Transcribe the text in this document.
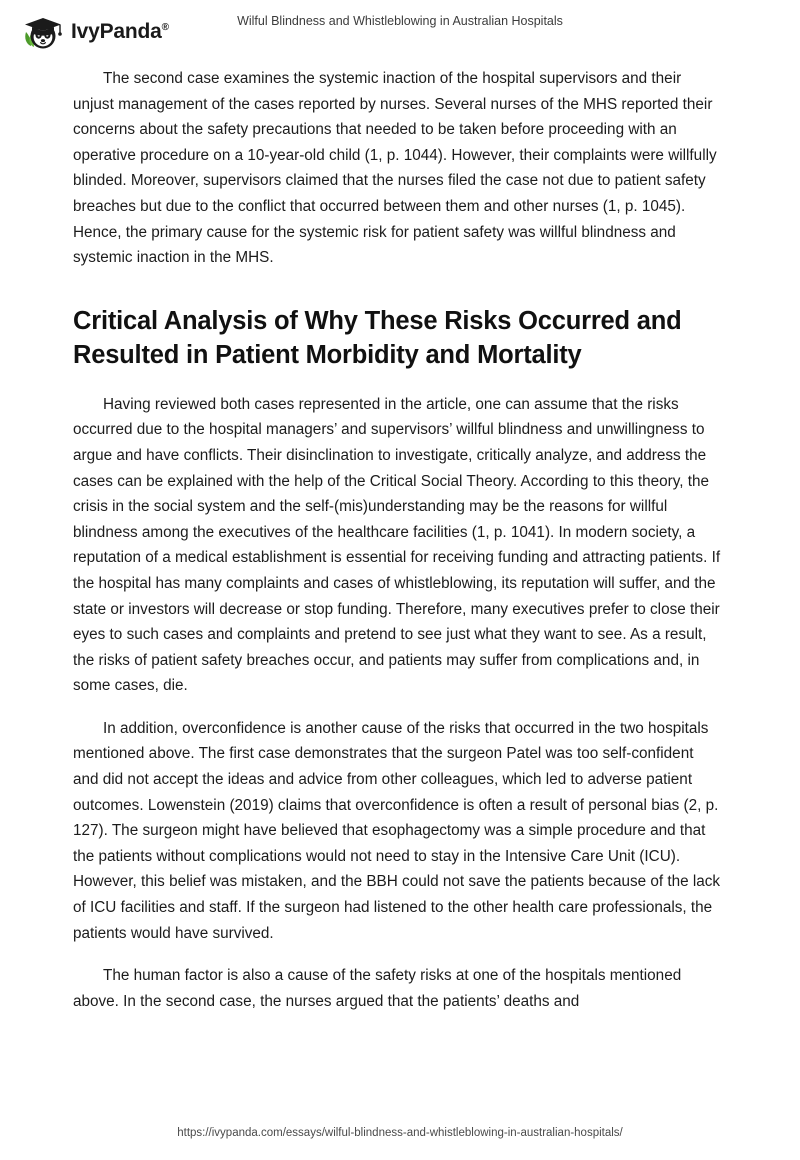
IvyPanda®	Wilful Blindness and Whistleblowing in Australian Hospitals

The second case examines the systemic inaction of the hospital supervisors and their unjust management of the cases reported by nurses. Several nurses of the MHS reported their concerns about the safety precautions that needed to be taken before proceeding with an operative procedure on a 10-year-old child (1, p. 1044). However, their complaints were willfully blinded. Moreover, supervisors claimed that the nurses filed the case not due to patient safety breaches but due to the conflict that occurred between them and other nurses (1, p. 1045). Hence, the primary cause for the systemic risk for patient safety was willful blindness and systemic inaction in the MHS.

Critical Analysis of Why These Risks Occurred and Resulted in Patient Morbidity and Mortality

Having reviewed both cases represented in the article, one can assume that the risks occurred due to the hospital managers’ and supervisors’ willful blindness and unwillingness to argue and have conflicts. Their disinclination to investigate, critically analyze, and address the cases can be explained with the help of the Critical Social Theory. According to this theory, the crisis in the social system and the self-(mis)understanding may be the reasons for willful blindness among the executives of the healthcare facilities (1, p. 1041). In modern society, a reputation of a medical establishment is essential for receiving funding and attracting patients. If the hospital has many complaints and cases of whistleblowing, its reputation will suffer, and the state or investors will decrease or stop funding. Therefore, many executives prefer to close their eyes to such cases and complaints and pretend to see just what they want to see. As a result, the risks of patient safety breaches occur, and patients may suffer from complications and, in some cases, die.

In addition, overconfidence is another cause of the risks that occurred in the two hospitals mentioned above. The first case demonstrates that the surgeon Patel was too self-confident and did not accept the ideas and advice from other colleagues, which led to adverse patient outcomes. Lowenstein (2019) claims that overconfidence is often a result of personal bias (2, p. 127). The surgeon might have believed that esophagectomy was a simple procedure and that the patients without complications would not need to stay in the Intensive Care Unit (ICU). However, this belief was mistaken, and the BBH could not save the patients because of the lack of ICU facilities and staff. If the surgeon had listened to the other health care professionals, the patients would have survived.

The human factor is also a cause of the safety risks at one of the hospitals mentioned above. In the second case, the nurses argued that the patients’ deaths and

https://ivypanda.com/essays/wilful-blindness-and-whistleblowing-in-australian-hospitals/
